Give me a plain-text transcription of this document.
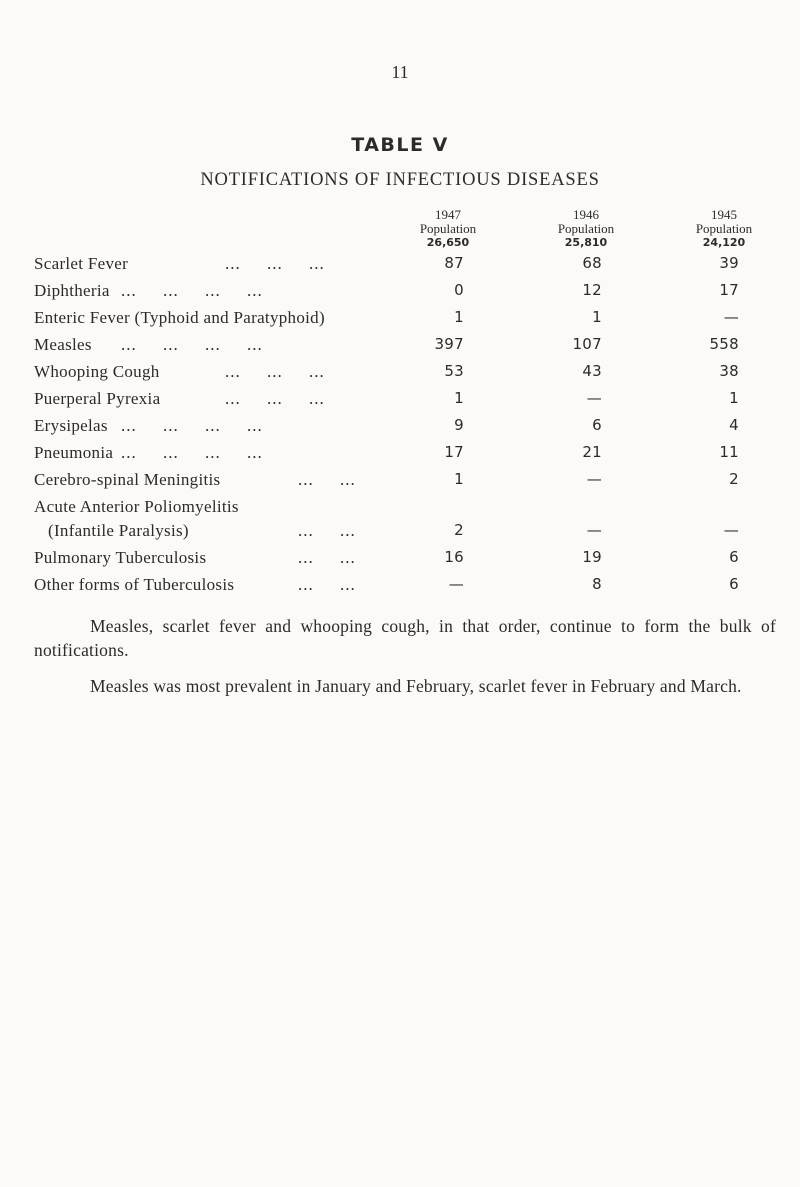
11
TABLE V
NOTIFICATIONS OF INFECTIOUS DISEASES
1947
Population
26,650
1946
Population
25,810
1945
Population
24,120
Scarlet Fever	...     ...     ...	87	68	39
Diphtheria ...     ...     ...     ...	0	12	17
Enteric Fever (Typhoid and Paratyphoid)	1	1	—
Measles ...     ...     ...     ...	397	107	558
Whooping Cough	...     ...     ...	53	43	38
Puerperal Pyrexia	...     ...     ...	1	—	1
Erysipelas ...     ...     ...     ...	9	6	4
Pneumonia ...     ...     ...     ...	17	21	11
Cerebro-spinal Meningitis	...     ...	1	—	2
Acute Anterior Poliomyelitis
(Infantile Paralysis)	...     ...	2	—	—
Pulmonary Tuberculosis	...     ...	16	19	6
Other forms of Tuberculosis	...     ...	—	8	6

Measles, scarlet fever and whooping cough, in that order, continue to form the bulk of notifications.

Measles was most prevalent in January and February, scarlet fever in February and March.
